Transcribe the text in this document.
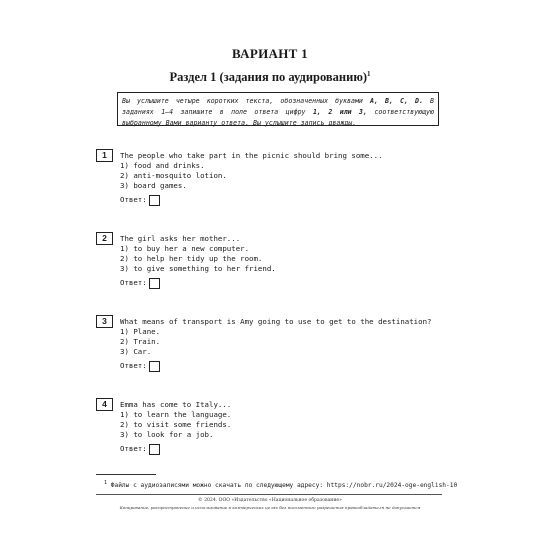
ВАРИАНТ 1
Раздел 1 (задания по аудированию)$^1$
Вы услышите четыре коротких текста, обозначенных буквами A, B, C, D. В заданиях 1–4 запишите в поле ответа цифру 1, 2 или 3, соответствующую выбранному Вами варианту ответа. Вы услышите запись дважды.
1	The people who take part in the picnic should bring some...
1) food and drinks.
2) anti-mosquito lotion.
3) board games.
Ответ:
2	The girl asks her mother...
1) to buy her a new computer.
2) to help her tidy up the room.
3) to give something to her friend.
Ответ:
3	What means of transport is Amy going to use to get to the destination?
1) Plane.
2) Train.
3) Car.
Ответ:
4	Emma has come to Italy...
1) to learn the language.
2) to visit some friends.
3) to look for a job.
Ответ:
$^1$ Файлы с аудиозаписями можно скачать по следующему адресу: https://nobr.ru/2024-oge-english-10
© 2024. ООО «Издательство «Национальное образование»
Копирование, распространение и использование в коммерческих целях без письменного разрешения правообладателя не допускается
